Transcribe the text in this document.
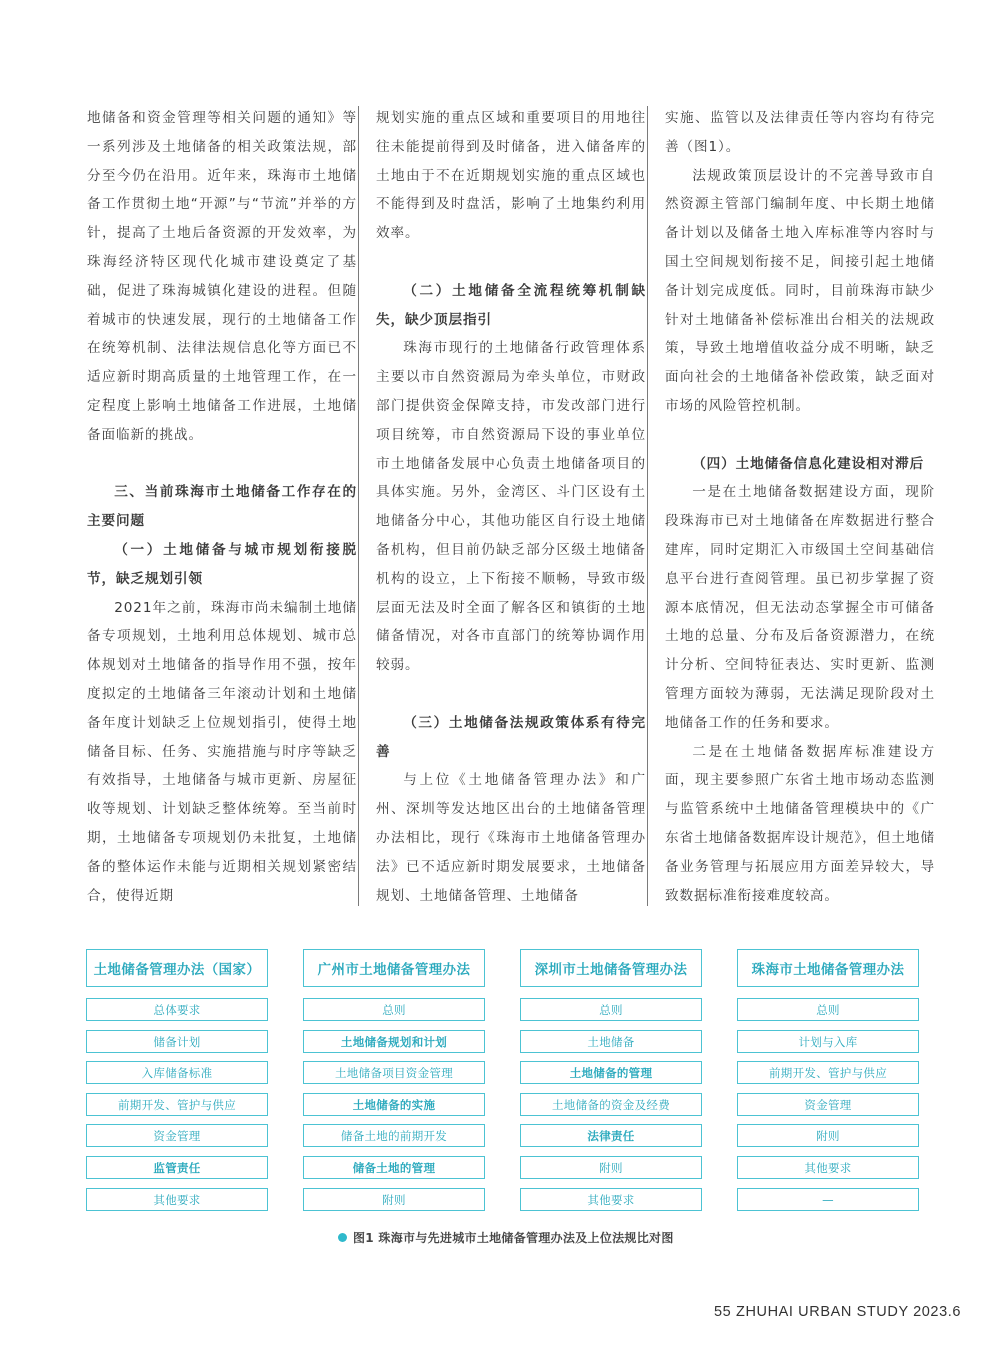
地储备和资金管理等相关问题的通知》等一系列涉及土地储备的相关政策法规，部分至今仍在沿用。近年来，珠海市土地储备工作贯彻土地“开源”与“节流”并举的方针，提高了土地后备资源的开发效率，为珠海经济特区现代化城市建设奠定了基础，促进了珠海城镇化建设的进程。但随着城市的快速发展，现行的土地储备工作在统筹机制、法律法规信息化等方面已不适应新时期高质量的土地管理工作，在一定程度上影响土地储备工作进展，土地储备面临新的挑战。

三、当前珠海市土地储备工作存在的主要问题
（一）土地储备与城市规划衔接脱节，缺乏规划引领

2021年之前，珠海市尚未编制土地储备专项规划，土地利用总体规划、城市总体规划对土地储备的指导作用不强，按年度拟定的土地储备三年滚动计划和土地储备年度计划缺乏上位规划指引，使得土地储备目标、任务、实施措施与时序等缺乏有效指导，土地储备与城市更新、房屋征收等规划、计划缺乏整体统筹。至当前时期，土地储备专项规划仍未批复，土地储备的整体运作未能与近期相关规划紧密结合，使得近期

规划实施的重点区域和重要项目的用地往往未能提前得到及时储备，进入储备库的土地由于不在近期规划实施的重点区域也不能得到及时盘活，影响了土地集约利用效率。

（二）土地储备全流程统筹机制缺失，缺少顶层指引

珠海市现行的土地储备行政管理体系主要以市自然资源局为牵头单位，市财政部门提供资金保障支持，市发改部门进行项目统筹，市自然资源局下设的事业单位市土地储备发展中心负责土地储备项目的具体实施。另外，金湾区、斗门区设有土地储备分中心，其他功能区自行设土地储备机构，但目前仍缺乏部分区级土地储备机构的设立，上下衔接不顺畅，导致市级层面无法及时全面了解各区和镇街的土地储备情况，对各市直部门的统筹协调作用较弱。

（三）土地储备法规政策体系有待完善

与上位《土地储备管理办法》和广州、深圳等发达地区出台的土地储备管理办法相比，现行《珠海市土地储备管理办法》已不适应新时期发展要求，土地储备规划、土地储备管理、土地储备

实施、监管以及法律责任等内容均有待完善（图1）。

法规政策顶层设计的不完善导致市自然资源主管部门编制年度、中长期土地储备计划以及储备土地入库标准等内容时与国土空间规划衔接不足，间接引起土地储备计划完成度低。同时，目前珠海市缺少针对土地储备补偿标准出台相关的法规政策，导致土地增值收益分成不明晰，缺乏面向社会的土地储备补偿政策，缺乏面对市场的风险管控机制。

（四）土地储备信息化建设相对滞后

一是在土地储备数据建设方面，现阶段珠海市已对土地储备在库数据进行整合建库，同时定期汇入市级国土空间基础信息平台进行查阅管理。虽已初步掌握了资源本底情况，但无法动态掌握全市可储备土地的总量、分布及后备资源潜力，在统计分析、空间特征表达、实时更新、监测管理方面较为薄弱，无法满足现阶段对土地储备工作的任务和要求。

二是在土地储备数据库标准建设方面，现主要参照广东省土地市场动态监测与监管系统中土地储备管理模块中的《广东省土地储备数据库设计规范》，但土地储备业务管理与拓展应用方面差异较大，导致数据标准衔接难度较高。

土地储备管理办法（国家）
总体要求
储备计划
入库储备标准
前期开发、管护与供应
资金管理
监管责任
其他要求
广州市土地储备管理办法
总则
土地储备规划和计划
土地储备项目资金管理
土地储备的实施
储备土地的前期开发
储备土地的管理
附则
深圳市土地储备管理办法
总则
土地储备
土地储备的管理
土地储备的资金及经费
法律责任
附则
其他要求
珠海市土地储备管理办法
总则
计划与入库
前期开发、管护与供应
资金管理
附则
其他要求
—
图1 珠海市与先进城市土地储备管理办法及上位法规比对图
55 ZHUHAI URBAN STUDY 2023.6
